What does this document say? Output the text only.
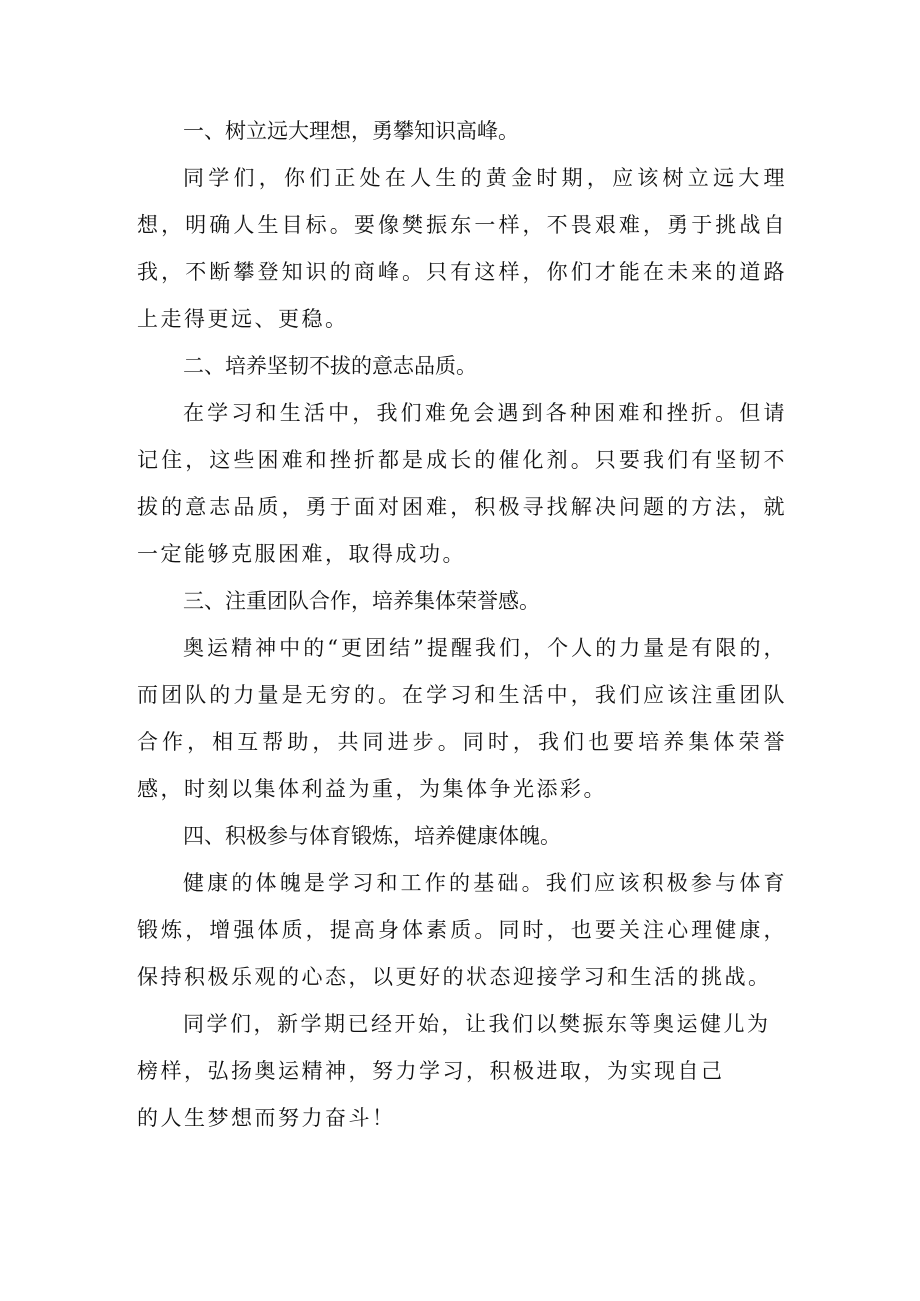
一、树立远大理想，勇攀知识高峰。

同学们，你们正处在人生的黄金时期，应该树立远大理想，明确人生目标。要像樊振东一样，不畏艰难，勇于挑战自我，不断攀登知识的商峰。只有这样，你们才能在未来的道路上走得更远、更稳。

二、培养坚韧不拔的意志品质。

在学习和生活中，我们难免会遇到各种困难和挫折。但请记住，这些困难和挫折都是成长的催化剂。只要我们有坚韧不拔的意志品质，勇于面对困难，积极寻找解决问题的方法，就一定能够克服困难，取得成功。

三、注重团队合作，培养集体荣誉感。

奥运精神中的“更团结”提醒我们，个人的力量是有限的，而团队的力量是无穷的。在学习和生活中，我们应该注重团队合作，相互帮助，共同进步。同时，我们也要培养集体荣誉感，时刻以集体利益为重，为集体争光添彩。

四、积极参与体育锻炼，培养健康体魄。

健康的体魄是学习和工作的基础。我们应该积极参与体育锻炼，增强体质，提高身体素质。同时，也要关注心理健康，保持积极乐观的心态，以更好的状态迎接学习和生活的挑战。

同学们，新学期已经开始，让我们以樊振东等奥运健儿为榜样，弘扬奥运精神，努力学习，积极进取，为实现自己

的人生梦想而努力奋斗！
